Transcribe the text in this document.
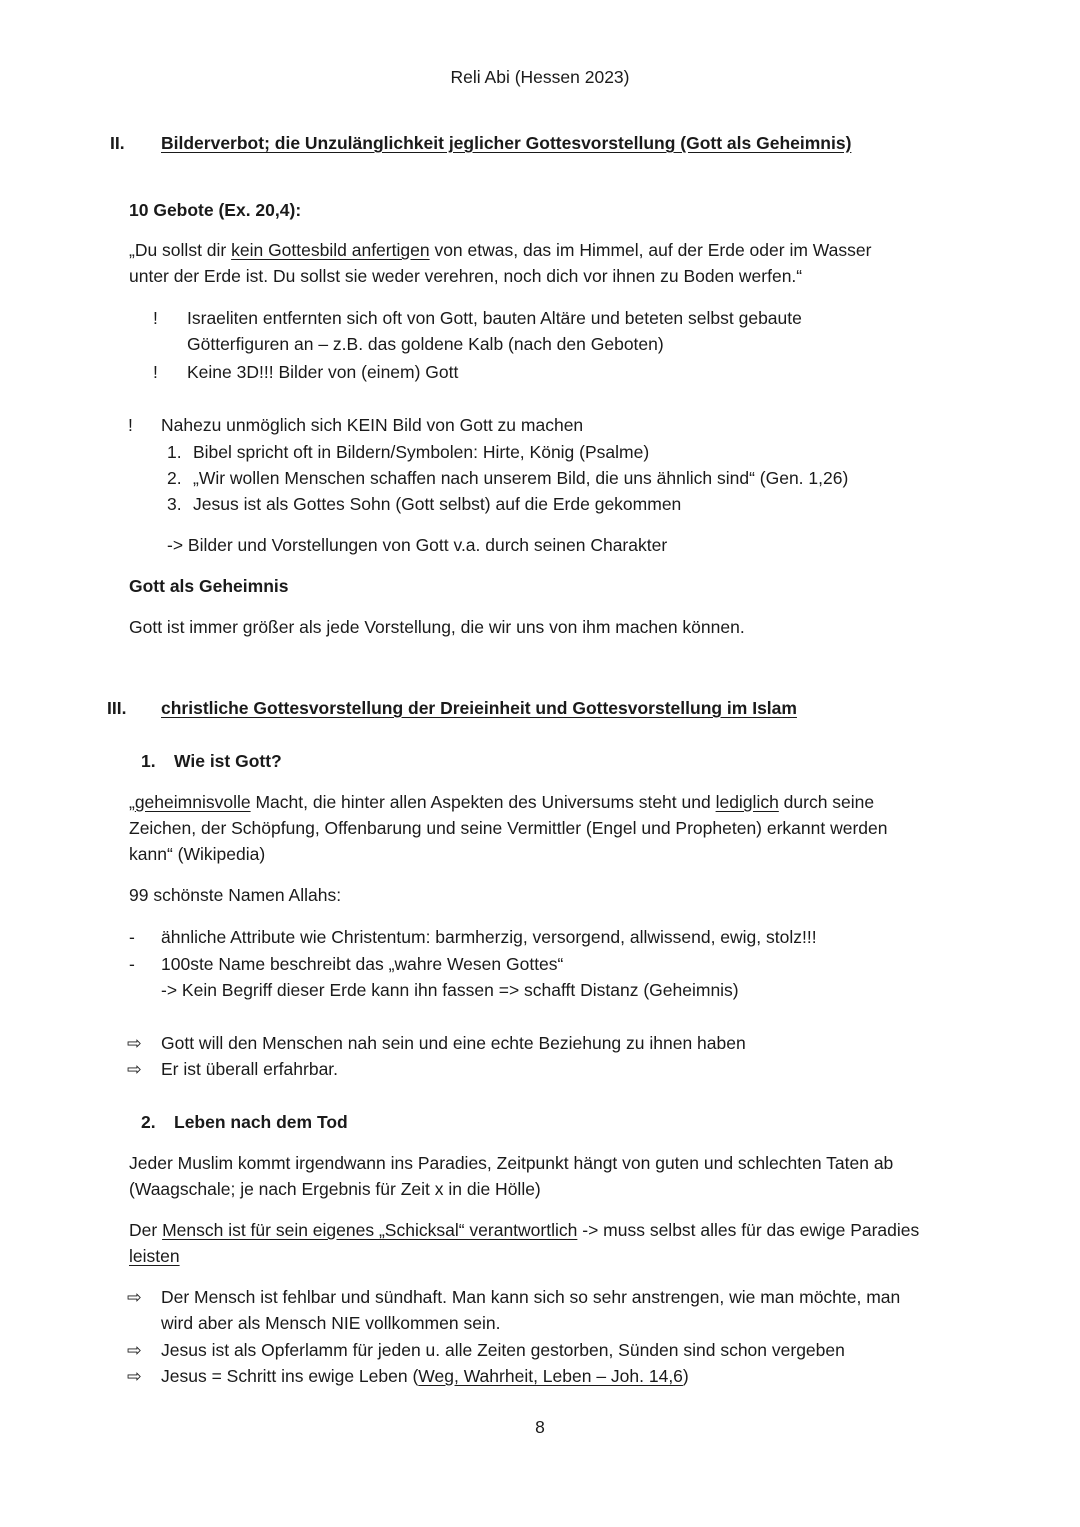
Reli Abi (Hessen 2023)
II. Bilderverbot; die Unzulänglichkeit jeglicher Gottesvorstellung (Gott als Geheimnis)
10 Gebote (Ex. 20,4):
„Du sollst dir kein Gottesbild anfertigen von etwas, das im Himmel, auf der Erde oder im Wasser
unter der Erde ist. Du sollst sie weder verehren, noch dich vor ihnen zu Boden werfen.“
! Israeliten entfernten sich oft von Gott, bauten Altäre und beteten selbst gebaute
Götterfiguren an – z.B. das goldene Kalb (nach den Geboten)
! Keine 3D!!! Bilder von (einem) Gott
! Nahezu unmöglich sich KEIN Bild von Gott zu machen
1. Bibel spricht oft in Bildern/Symbolen: Hirte, König (Psalme)
2. „Wir wollen Menschen schaffen nach unserem Bild, die uns ähnlich sind“ (Gen. 1,26)
3. Jesus ist als Gottes Sohn (Gott selbst) auf die Erde gekommen
-> Bilder und Vorstellungen von Gott v.a. durch seinen Charakter
Gott als Geheimnis
Gott ist immer größer als jede Vorstellung, die wir uns von ihm machen können.
III. christliche Gottesvorstellung der Dreieinheit und Gottesvorstellung im Islam
1. Wie ist Gott?
„geheimnisvolle Macht, die hinter allen Aspekten des Universums steht und lediglich durch seine
Zeichen, der Schöpfung, Offenbarung und seine Vermittler (Engel und Propheten) erkannt werden
kann“ (Wikipedia)
99 schönste Namen Allahs:
- ähnliche Attribute wie Christentum: barmherzig, versorgend, allwissend, ewig, stolz!!!
- 100ste Name beschreibt das „wahre Wesen Gottes“
-> Kein Begriff dieser Erde kann ihn fassen => schafft Distanz (Geheimnis)
⇨ Gott will den Menschen nah sein und eine echte Beziehung zu ihnen haben
⇨ Er ist überall erfahrbar.
2. Leben nach dem Tod
Jeder Muslim kommt irgendwann ins Paradies, Zeitpunkt hängt von guten und schlechten Taten ab
(Waagschale; je nach Ergebnis für Zeit x in die Hölle)
Der Mensch ist für sein eigenes „Schicksal“ verantwortlich -> muss selbst alles für das ewige Paradies
leisten
⇨ Der Mensch ist fehlbar und sündhaft. Man kann sich so sehr anstrengen, wie man möchte, man
wird aber als Mensch NIE vollkommen sein.
⇨ Jesus ist als Opferlamm für jeden u. alle Zeiten gestorben, Sünden sind schon vergeben
⇨ Jesus = Schritt ins ewige Leben (Weg, Wahrheit, Leben – Joh. 14,6)
8
